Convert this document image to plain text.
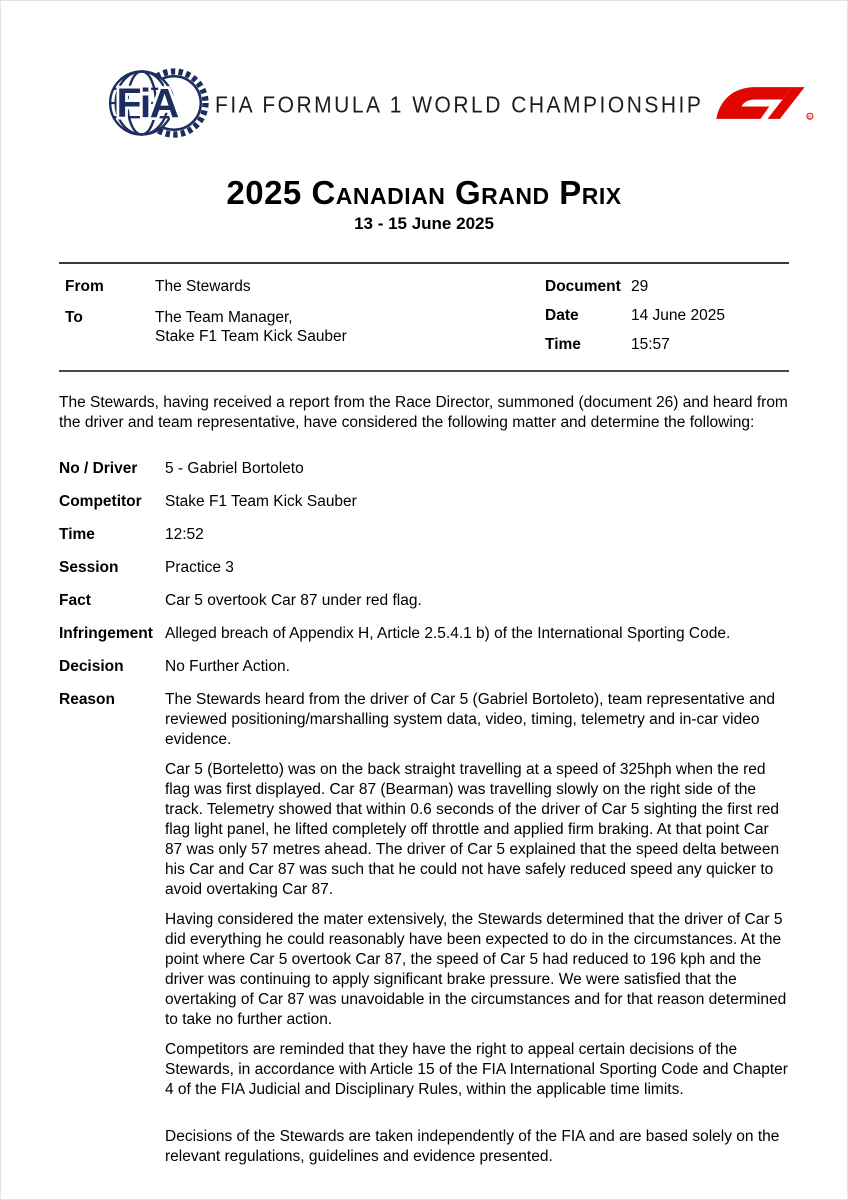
FiA FIA FORMULA 1 WORLD CHAMPIONSHIP
R
2025 Canadian Grand Prix
13 - 15 June 2025
From	The Stewards
To	The Team Manager,
Stake F1 Team Kick Sauber
Document 29
Date	14 June 2025
Time	15:57
The Stewards, having received a report from the Race Director, summoned (document 26) and heard from the driver and team representative, have considered the following matter and determine the following:
No / Driver	5 - Gabriel Bortoleto
Competitor	Stake F1 Team Kick Sauber
Time	12:52
Session	Practice 3
Fact	Car 5 overtook Car 87 under red flag.
Infringement Alleged breach of Appendix H, Article 2.5.4.1 b) of the International Sporting Code.
Decision	No Further Action.
Reason	The Stewards heard from the driver of Car 5 (Gabriel Bortoleto), team representative and reviewed positioning/marshalling system data, video, timing, telemetry and in-car video evidence.

Car 5 (Borteletto) was on the back straight travelling at a speed of 325hph when the red flag was first displayed. Car 87 (Bearman) was travelling slowly on the right side of the track. Telemetry showed that within 0.6 seconds of the driver of Car 5 sighting the first red flag light panel, he lifted completely off throttle and applied firm braking. At that point Car 87 was only 57 metres ahead. The driver of Car 5 explained that the speed delta between his Car and Car 87 was such that he could not have safely reduced speed any quicker to avoid overtaking Car 87.

Having considered the mater extensively, the Stewards determined that the driver of Car 5 did everything he could reasonably have been expected to do in the circumstances. At the point where Car 5 overtook Car 87, the speed of Car 5 had reduced to 196 kph and the driver was continuing to apply significant brake pressure. We were satisfied that the overtaking of Car 87 was unavoidable in the circumstances and for that reason determined to take no further action.

Competitors are reminded that they have the right to appeal certain decisions of the Stewards, in accordance with Article 15 of the FIA International Sporting Code and Chapter 4 of the FIA Judicial and Disciplinary Rules, within the applicable time limits.

Decisions of the Stewards are taken independently of the FIA and are based solely on the relevant regulations, guidelines and evidence presented.
